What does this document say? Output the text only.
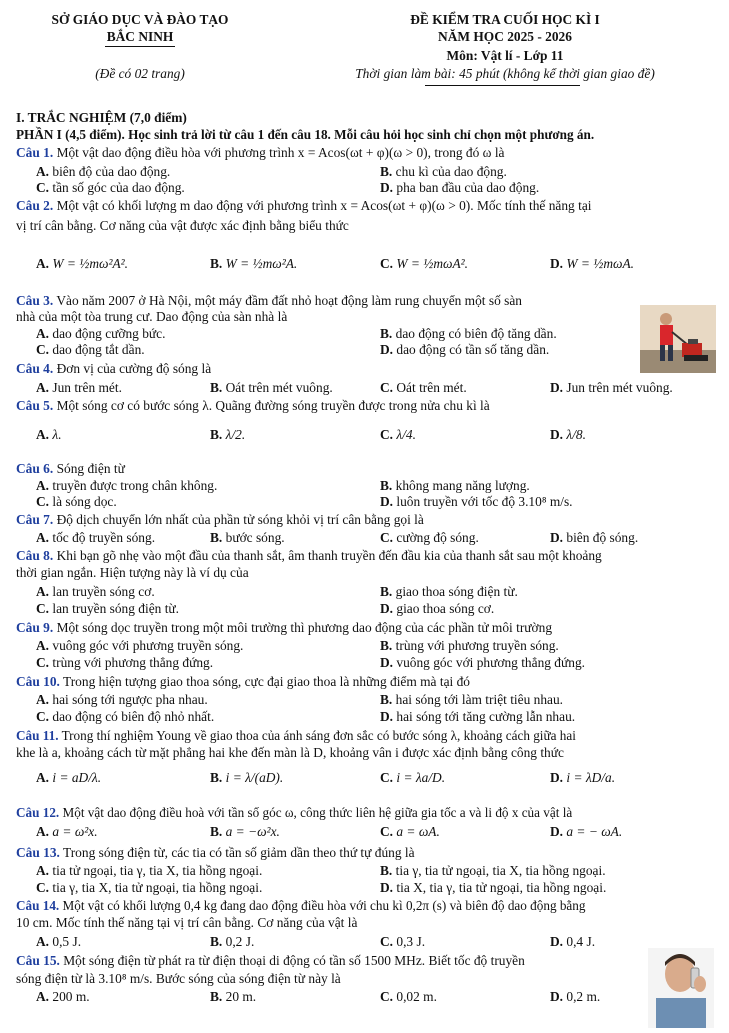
SỞ GIÁO DỤC VÀ ĐÀO TẠO
BẮC NINH
(Đề có 02 trang)
ĐỀ KIỂM TRA CUỐI HỌC KÌ I
NĂM HỌC 2025 - 2026
Môn: Vật lí - Lớp 11
Thời gian làm bài: 45 phút (không kể thời gian giao đề)
I. TRẮC NGHIỆM (7,0 điểm)
PHẦN I (4,5 điểm). Học sinh trả lời từ câu 1 đến câu 18. Mỗi câu hỏi học sinh chỉ chọn một phương án.
Câu 1. Một vật dao động điều hòa với phương trình x = Acos(ωt + φ)(ω > 0), trong đó ω là
A. biên độ của dao động.	B. chu kì của dao động.
C. tần số góc của dao động.	D. pha ban đầu của dao động.
Câu 2. Một vật có khối lượng m dao động với phương trình x = Acos(ωt + φ)(ω > 0). Mốc tính thế năng tại
vị trí cân bằng. Cơ năng của vật được xác định bằng biểu thức
A. W = ½mω²A².	B. W = ½mω²A.	C. W = ½mωA².	D. W = ½mωA.
Câu 3. Vào năm 2007 ở Hà Nội, một máy đầm đất nhỏ hoạt động làm rung chuyển một số sàn
nhà của một tòa trung cư. Dao động của sàn nhà là
A. dao động cưỡng bức.	B. dao động có biên độ tăng dần.
C. dao động tắt dần.	D. dao động có tần số tăng dần.
Câu 4. Đơn vị của cường độ sóng là
A. Jun trên mét.	B. Oát trên mét vuông.	C. Oát trên mét.	D. Jun trên mét vuông.
Câu 5. Một sóng cơ có bước sóng λ. Quãng đường sóng truyền được trong nửa chu kì là
A. λ.	B. λ/2.	C. λ/4.	D. λ/8.
Câu 6. Sóng điện từ
A. truyền được trong chân không.	B. không mang năng lượng.
C. là sóng dọc.	D. luôn truyền với tốc độ 3.10⁸ m/s.
Câu 7. Độ dịch chuyển lớn nhất của phần tử sóng khỏi vị trí cân bằng gọi là
A. tốc độ truyền sóng.	B. bước sóng.	C. cường độ sóng.	D. biên độ sóng.
Câu 8. Khi bạn gõ nhẹ vào một đầu của thanh sắt, âm thanh truyền đến đầu kia của thanh sắt sau một khoảng
thời gian ngắn. Hiện tượng này là ví dụ của
A. lan truyền sóng cơ.	B. giao thoa sóng điện từ.
C. lan truyền sóng điện từ.	D. giao thoa sóng cơ.
Câu 9. Một sóng dọc truyền trong một môi trường thì phương dao động của các phần tử môi trường
A. vuông góc với phương truyền sóng.	B. trùng với phương truyền sóng.
C. trùng với phương thẳng đứng.	D. vuông góc với phương thẳng đứng.
Câu 10. Trong hiện tượng giao thoa sóng, cực đại giao thoa là những điểm mà tại đó
A. hai sóng tới ngược pha nhau.	B. hai sóng tới làm triệt tiêu nhau.
C. dao động có biên độ nhỏ nhất.	D. hai sóng tới tăng cường lẫn nhau.
Câu 11. Trong thí nghiệm Young về giao thoa của ánh sáng đơn sắc có bước sóng λ, khoảng cách giữa hai
khe là a, khoảng cách từ mặt phẳng hai khe đến màn là D, khoảng vân i được xác định bằng công thức
A. i = aD/λ.	B. i = λ/(aD).	C. i = λa/D.	D. i = λD/a.
Câu 12. Một vật dao động điều hoà với tần số góc ω, công thức liên hệ giữa gia tốc a và li độ x của vật là
A. a = ω²x.	B. a = −ω²x.	C. a = ωA.	D. a = − ωA.
Câu 13. Trong sóng điện từ, các tia có tần số giảm dần theo thứ tự đúng là
A. tia tử ngoại, tia γ, tia X, tia hồng ngoại.	B. tia γ, tia tử ngoại, tia X, tia hồng ngoại.
C. tia γ, tia X, tia tử ngoại, tia hồng ngoại.	D. tia X, tia γ, tia tử ngoại, tia hồng ngoại.
Câu 14. Một vật có khối lượng 0,4 kg đang dao động điều hòa với chu kì 0,2π (s) và biên độ dao động bằng
10 cm. Mốc tính thế năng tại vị trí cân bằng. Cơ năng của vật là
A. 0,5 J.	B. 0,2 J.	C. 0,3 J.	D. 0,4 J.
Câu 15. Một sóng điện từ phát ra từ điện thoại di động có tần số 1500 MHz. Biết tốc độ truyền
sóng điện từ là 3.10⁸ m/s. Bước sóng của sóng điện từ này là
A. 200 m.	B. 20 m.	C. 0,02 m.	D. 0,2 m.
